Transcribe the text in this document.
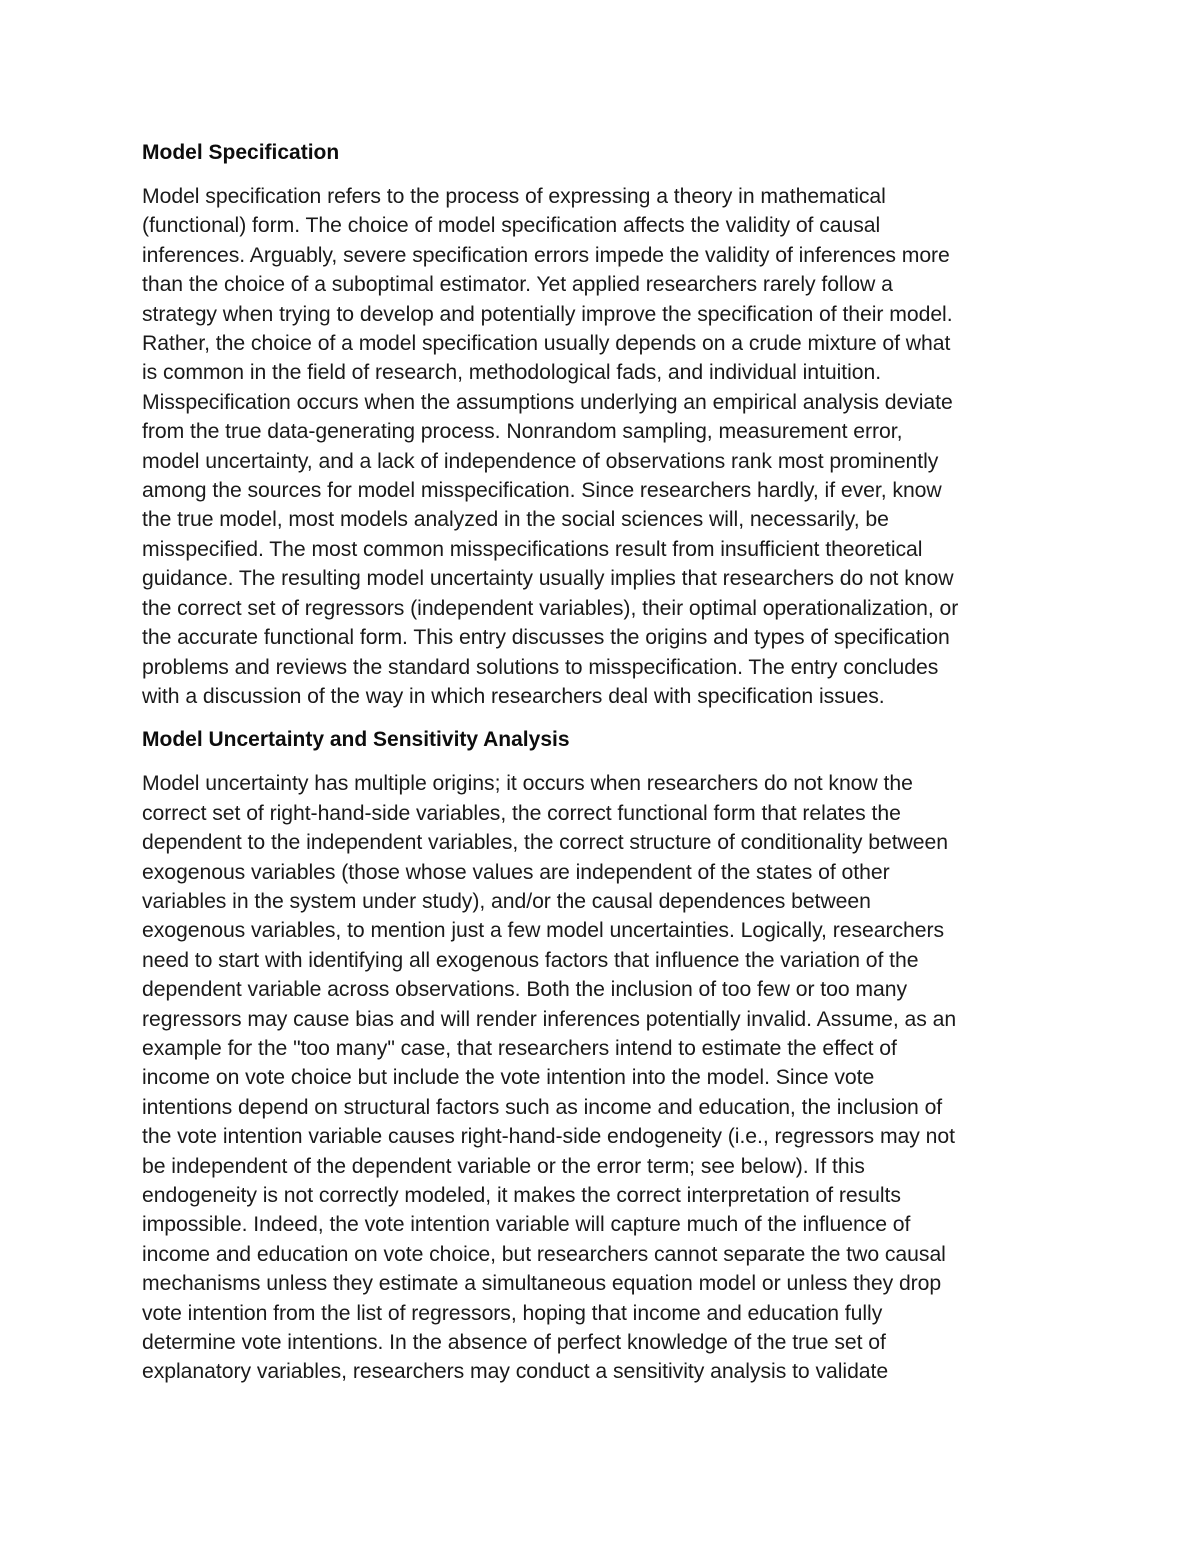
Model Specification
Model specification refers to the process of expressing a theory in mathematical
(functional) form. The choice of model specification affects the validity of causal
inferences. Arguably, severe specification errors impede the validity of inferences more
than the choice of a suboptimal estimator. Yet applied researchers rarely follow a
strategy when trying to develop and potentially improve the specification of their model.
Rather, the choice of a model specification usually depends on a crude mixture of what
is common in the field of research, methodological fads, and individual intuition.
Misspecification occurs when the assumptions underlying an empirical analysis deviate
from the true data-generating process. Nonrandom sampling, measurement error,
model uncertainty, and a lack of independence of observations rank most prominently
among the sources for model misspecification. Since researchers hardly, if ever, know
the true model, most models analyzed in the social sciences will, necessarily, be
misspecified. The most common misspecifications result from insufficient theoretical
guidance. The resulting model uncertainty usually implies that researchers do not know
the correct set of regressors (independent variables), their optimal operationalization, or
the accurate functional form. This entry discusses the origins and types of specification
problems and reviews the standard solutions to misspecification. The entry concludes
with a discussion of the way in which researchers deal with specification issues.
Model Uncertainty and Sensitivity Analysis
Model uncertainty has multiple origins; it occurs when researchers do not know the
correct set of right-hand-side variables, the correct functional form that relates the
dependent to the independent variables, the correct structure of conditionality between
exogenous variables (those whose values are independent of the states of other
variables in the system under study), and/or the causal dependences between
exogenous variables, to mention just a few model uncertainties. Logically, researchers
need to start with identifying all exogenous factors that influence the variation of the
dependent variable across observations. Both the inclusion of too few or too many
regressors may cause bias and will render inferences potentially invalid. Assume, as an
example for the "too many" case, that researchers intend to estimate the effect of
income on vote choice but include the vote intention into the model. Since vote
intentions depend on structural factors such as income and education, the inclusion of
the vote intention variable causes right-hand-side endogeneity (i.e., regressors may not
be independent of the dependent variable or the error term; see below). If this
endogeneity is not correctly modeled, it makes the correct interpretation of results
impossible. Indeed, the vote intention variable will capture much of the influence of
income and education on vote choice, but researchers cannot separate the two causal
mechanisms unless they estimate a simultaneous equation model or unless they drop
vote intention from the list of regressors, hoping that income and education fully
determine vote intentions. In the absence of perfect knowledge of the true set of
explanatory variables, researchers may conduct a sensitivity analysis to validate
